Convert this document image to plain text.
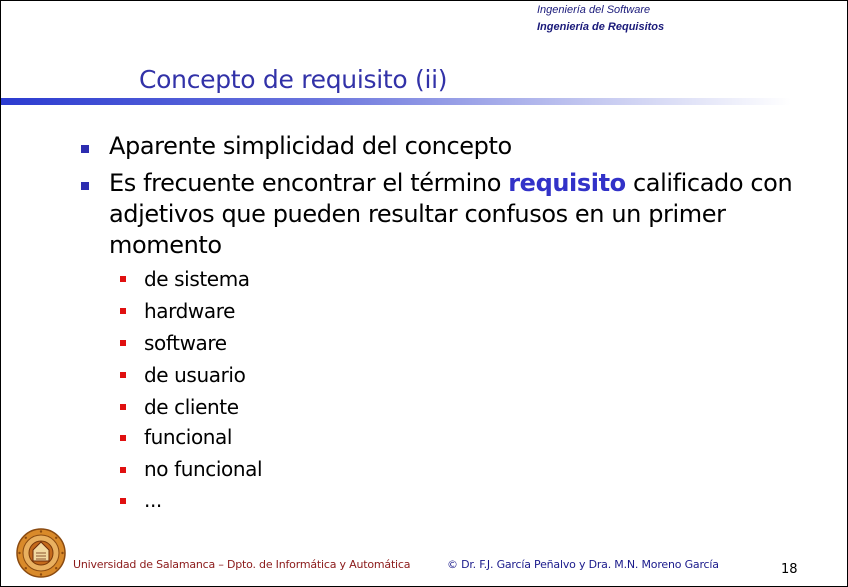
Ingeniería del Software
Ingeniería de Requisitos
Concepto de requisito (ii)
Aparente simplicidad del concepto
Es frecuente encontrar el término requisito calificado con
adjetivos que pueden resultar confusos en un primer
momento
de sistema
hardware
software
de usuario
de cliente
funcional
no funcional
...
Universidad de Salamanca – Dpto. de Informática y Automática	© Dr. F.J. García Peñalvo y Dra. M.N. Moreno García	18
